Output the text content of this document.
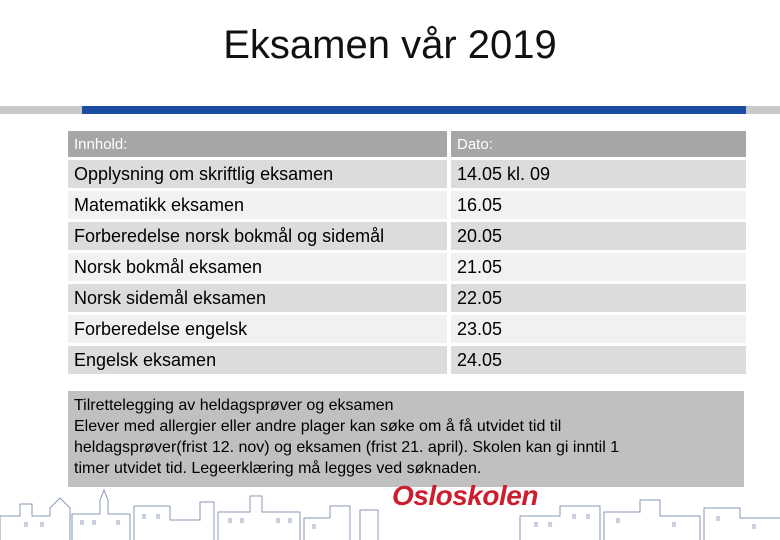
Eksamen vår 2019
Innhold:	Dato:
Opplysning om skriftlig eksamen	14.05 kl. 09
Matematikk eksamen	16.05
Forberedelse norsk bokmål og sidemål	20.05
Norsk bokmål eksamen	21.05
Norsk sidemål eksamen	22.05
Forberedelse engelsk	23.05
Engelsk eksamen	24.05
Tilrettelegging av heldagsprøver og eksamen
Elever med allergier eller andre plager kan søke om å få utvidet tid til
heldagsprøver(frist 12. nov) og eksamen (frist 21. april). Skolen kan gi inntil 1
timer utvidet tid. Legeerklæring må legges ved søknaden.
Osloskolen
